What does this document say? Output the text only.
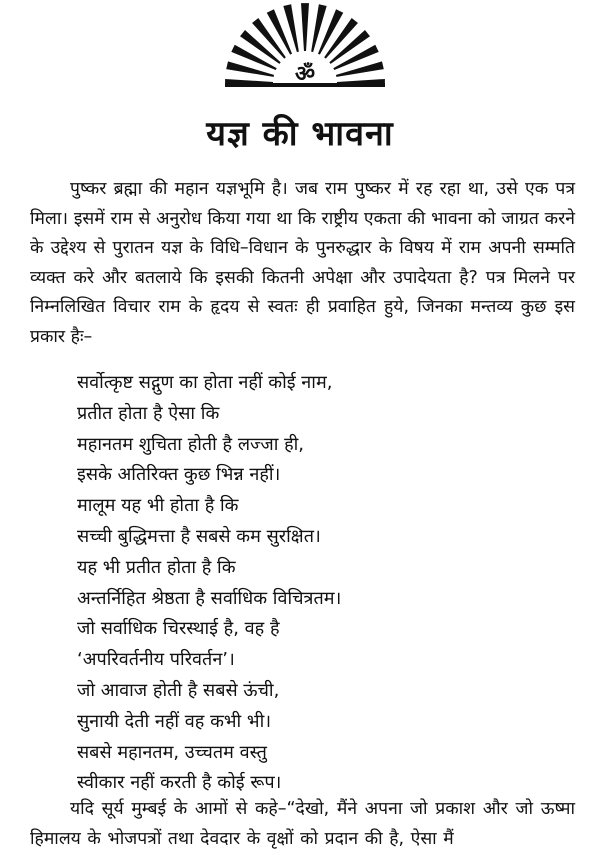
ॐ
यज्ञ की भावना

पुष्कर ब्रह्मा की महान यज्ञभूमि है। जब राम पुष्कर में रह रहा था, उसे एक पत्र मिला। इसमें राम से अनुरोध किया गया था कि राष्ट्रीय एकता की भावना को जाग्रत करने के उद्देश्य से पुरातन यज्ञ के विधि–विधान के पुनरुद्धार के विषय में राम अपनी सम्मति व्यक्त करे और बतलाये कि इसकी कितनी अपेक्षा और उपादेयता है? पत्र मिलने पर निम्नलिखित विचार राम के हृदय से स्वतः ही प्रवाहित हुये, जिनका मन्तव्य कुछ इस प्रकार हैः–

सर्वोत्कृष्ट सद्गुण का होता नहीं कोई नाम,
प्रतीत होता है ऐसा कि
महानतम शुचिता होती है लज्जा ही,
इसके अतिरिक्त कुछ भिन्न नहीं।
मालूम यह भी होता है कि
सच्ची बुद्धिमत्ता है सबसे कम सुरक्षित।
यह भी प्रतीत होता है कि
अन्तर्निहित श्रेष्ठता है सर्वाधिक विचित्रतम।
जो सर्वाधिक चिरस्थाई है, वह है
‘अपरिवर्तनीय परिवर्तन’।
जो आवाज होती है सबसे ऊंची,
सुनायी देती नहीं वह कभी भी।
सबसे महानतम, उच्चतम वस्तु
स्वीकार नहीं करती है कोई रूप।

यदि सूर्य मुम्बई के आमों से कहे–“देखो, मैंने अपना जो प्रकाश और जो ऊष्मा हिमालय के भोजपत्रों तथा देवदार के वृक्षों को प्रदान की है, ऐसा मैं
